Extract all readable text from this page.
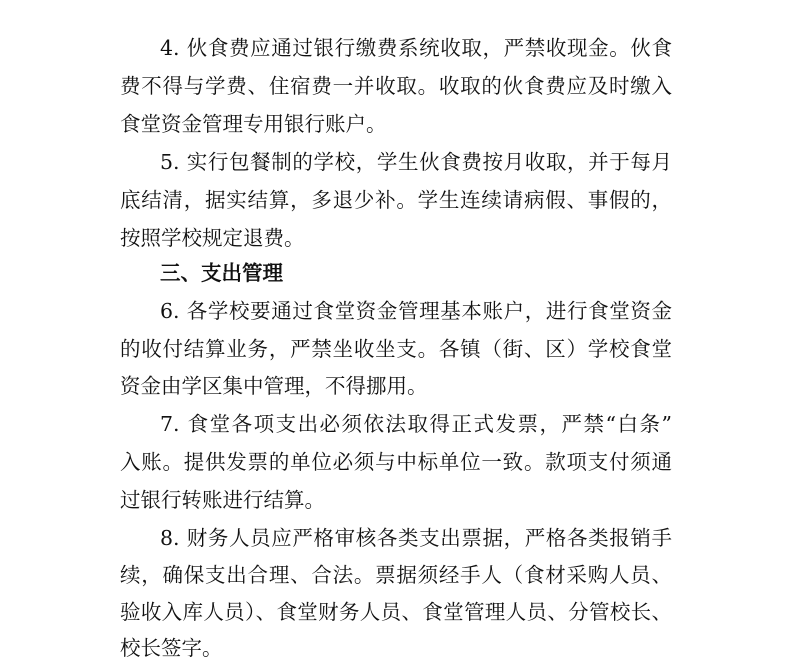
4. 伙食费应通过银行缴费系统收取，严禁收现金。伙食
费不得与学费、住宿费一并收取。收取的伙食费应及时缴入
食堂资金管理专用银行账户。
5. 实行包餐制的学校，学生伙食费按月收取，并于每月
底结清，据实结算，多退少补。学生连续请病假、事假的，
按照学校规定退费。
三、支出管理
6. 各学校要通过食堂资金管理基本账户，进行食堂资金
的收付结算业务，严禁坐收坐支。各镇（街、区）学校食堂
资金由学区集中管理，不得挪用。
7. 食堂各项支出必须依法取得正式发票，严禁“白条”
入账。提供发票的单位必须与中标单位一致。款项支付须通
过银行转账进行结算。
8. 财务人员应严格审核各类支出票据，严格各类报销手
续，确保支出合理、合法。票据须经手人（食材采购人员、
验收入库人员）、食堂财务人员、食堂管理人员、分管校长、
校长签字。
